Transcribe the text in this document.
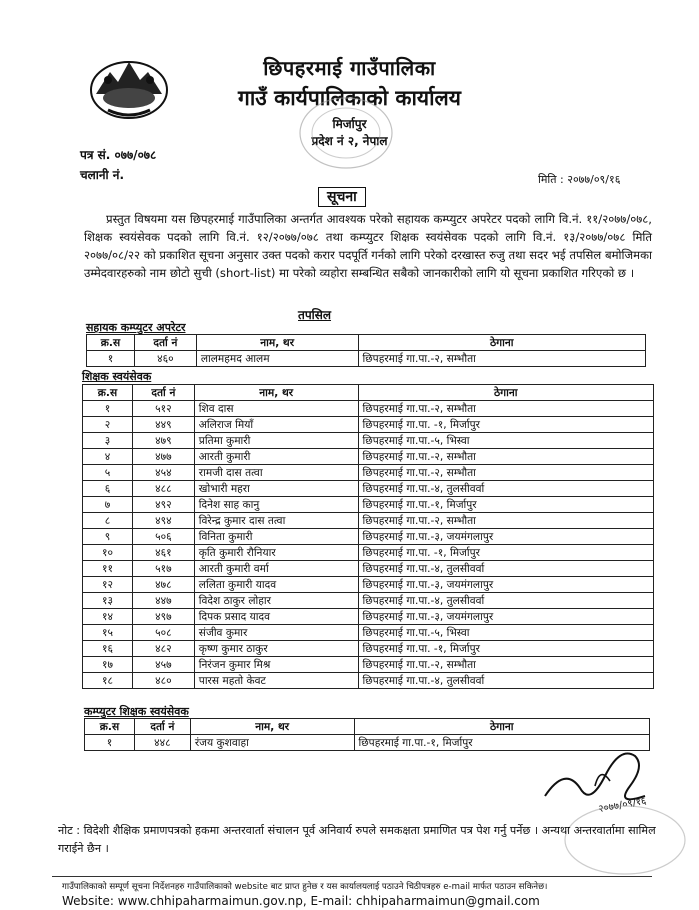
छिपहरमाई गाउँपालिका
गाउँ कार्यपालिकाको कार्यालय
मिर्जापुर
प्रदेश नं २, नेपाल
पत्र सं. ०७७/०७८
चलानी नं.	मिति : २०७७/०९/१६
सूचना
प्रस्तुत विषयमा यस छिपहरमाई गाउँपालिका अन्तर्गत आवश्यक परेको सहायक कम्प्युटर अपरेटर पदको लागि वि.नं. ११/२०७७/०७८, शिक्षक स्वयंसेवक पदको लागि वि.नं. १२/२०७७/०७८ तथा कम्प्युटर शिक्षक स्वयंसेवक पदको लागि वि.नं. १३/२०७७/०७८ मिति २०७७/०८/२२ को प्रकाशित सूचना अनुसार उक्त पदको करार पदपूर्ति गर्नको लागि परेको दरखास्त रुजु तथा सदर भई तपसिल बमोजिमका उम्मेदवारहरुको नाम छोटो सुची (short-list) मा परेको व्यहोरा सम्बन्धित सबैको जानकारीको लागि यो सूचना प्रकाशित गरिएको छ ।
तपसिल
सहायक कम्प्युटर अपरेटर
क्र.स	दर्ता नं	नाम, थर	ठेगाना
१	४६०	लालमहमद आलम	छिपहरमाई गा.पा.-२, सम्भौता
शिक्षक स्वयंसेवक
क्र.स	दर्ता नं	नाम, थर	ठेगाना
१	५१२	शिव दास	छिपहरमाई गा.पा.-२, सम्भौता
२	४४९	अलिराज मियाँ	छिपहरमाई गा.पा. -१, मिर्जापुर
३	४७९	प्रतिमा कुमारी	छिपहरमाई गा.पा.-५, भिस्वा
४	४७७	आरती कुमारी	छिपहरमाई गा.पा.-२, सम्भौता
५	४५४	रामजी दास तत्वा	छिपहरमाई गा.पा.-२, सम्भौता
६	४८८	खोभारी महरा	छिपहरमाई गा.पा.-४, तुलसीवर्वा
७	४९२	दिनेश साह कानु	छिपहरमाई गा.पा.-१, मिर्जापुर
८	४९४	विरेन्द्र कुमार दास तत्वा	छिपहरमाई गा.पा.-२, सम्भौता
९	५०६	विनिता कुमारी	छिपहरमाई गा.पा.-३, जयमंगलापुर
१०	४६१	कृति कुमारी रौनियार	छिपहरमाई गा.पा. -१, मिर्जापुर
११	५१७	आरती कुमारी वर्मा	छिपहरमाई गा.पा.-४, तुलसीवर्वा
१२	४७८	ललिता कुमारी यादव	छिपहरमाई गा.पा.-३, जयमंगलापुर
१३	४४७	विदेश ठाकुर लोहार	छिपहरमाई गा.पा.-४, तुलसीवर्वा
१४	४९७	दिपक प्रसाद यादव	छिपहरमाई गा.पा.-३, जयमंगलापुर
१५	५०८	संजीव कुमार	छिपहरमाई गा.पा.-५, भिस्वा
१६	४८२	कृष्ण कुमार ठाकुर	छिपहरमाई गा.पा. -१, मिर्जापुर
१७	४५७	निरंजन कुमार मिश्र	छिपहरमाई गा.पा.-२, सम्भौता
१८	४८०	पारस महतो केवट	छिपहरमाई गा.पा.-४, तुलसीवर्वा
कम्प्युटर शिक्षक स्वयंसेवक
क्र.स	दर्ता नं	नाम, थर	ठेगाना
१	४४८	रंजय कुशवाहा	छिपहरमाई गा.पा.-१, मिर्जापुर
२०७७/०९/१६
नोट : विदेशी शैक्षिक प्रमाणपत्रको हकमा अन्तरवार्ता संचालन पूर्व अनिवार्य रुपले समकक्षता प्रमाणित पत्र पेश गर्नु पर्नेछ । अन्यथा अन्तरवार्तामा सामिल गराईने छैन ।
गाउँपालिकाको सम्पूर्ण सूचना निर्देशनहरु गाउँपालिकाको website बाट प्राप्त हुनेछ र यस कार्यालयलाई पठाउने चिठीपत्रहरु e-mail मार्फत पठाउन सकिनेछ।
Website: www.chhipaharmaimun.gov.np, E-mail: chhipaharmaimun@gmail.com
